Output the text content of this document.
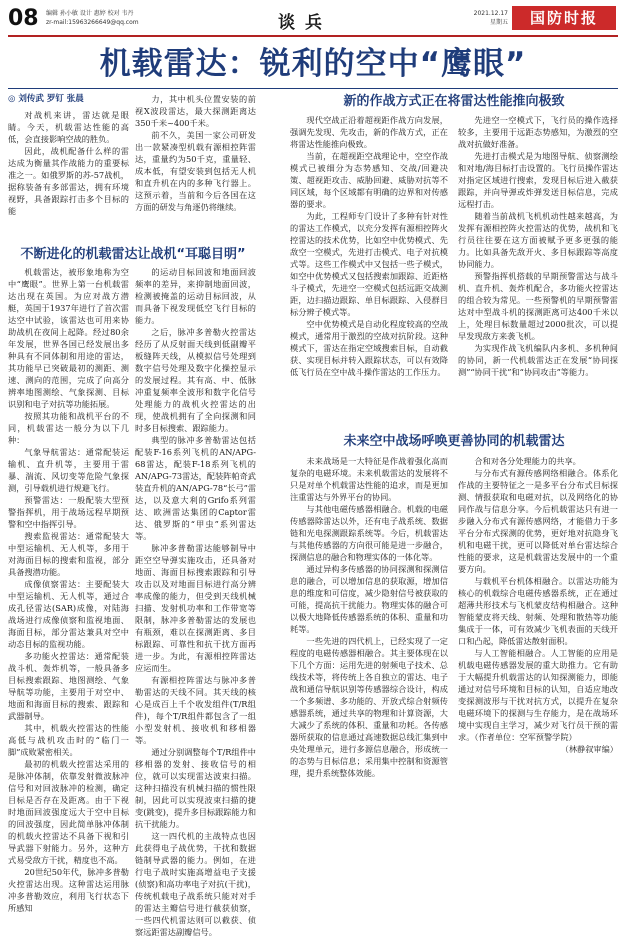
08 编辑 孙小敏 设计 惠婷 校对 韦丹
zr-mail:15963266649@qq.com	谈兵	2021.12.17
星期五	国防时报
机载雷达：锐利的空中“鹰眼”
◎ 刘传武 罗钉 张晨

对战机来讲，雷达就是眼睛。今天，机载雷达性能的高低，会直接影响空战的胜负。

因此，战机配备什么样的雷达成为衡量其作战能力的重要标准之一。如俄罗斯的苏-57战机，据称装备有多部雷达，拥有环境视野，具备跟踪打击多个目标的能

力，其中机头位置安装的前视X波段雷达，最大探测距离达350千米~400千米。

前不久，美国一家公司研发出一款紧凑型机载有源相控阵雷达，重量约为50千克，重量轻、成本低，有望安装到包括无人机和直升机在内的多种飞行器上。这预示着，当前和今后各国在这方面的研发与角逐仍将继续。

不断进化的机载雷达让战机“耳聪目明”

机载雷达，被形象地称为空中“鹰眼”。世界上第一台机载雷达出现在英国。为应对战方潜艇，英国于1937年进行了首次雷达空中试验，该雷达也可用来协助战机在夜间上起降。经过80余年发展，世界各国已经发展出多种具有不同体制和用途的雷达，其功能早已突破最初的测距、测速、测向的范围，完成了向高分辨率地图测绘、气象探测、目标识别和电子对抗等功能拓展。

按照其功能和战机平台的不同，机载雷达一般分为以下几种：

气象导航雷达：通常配装运输机、直升机等，主要用于雷暴、湍流、风切变等危险气象探测，引导载机进行规避飞行。

预警雷达：一般配装大型预警指挥机，用于战场远程早期预警和空中指挥引导。

搜索监视雷达：通常配装大中型运输机、无人机等，多用于对海面目标的搜索和监视，部分具备搜潜功能。

成像侦察雷达：主要配装大中型运输机、无人机等，通过合成孔径雷达(SAR)成像，对陆海战场进行成像侦察和监视地面、海面目标，部分雷达兼具对空中动态目标的监视功能。

多功能火控雷达：通常配装战斗机、轰炸机等，一般具备多目标搜索跟踪、地图测绘、气象导航等功能，主要用于对空中、地面和海面目标的搜索、跟踪和武器制导。

其中，机载火控雷达的性能高低与战机攻击时的“临门一脚”成败紧密相关。

最初的机载火控雷达采用的是脉冲体制，依靠发射微波脉冲信号和对回波脉冲的检测，确定目标是否存在及距离。由于下视时地面回波强度远大于空中目标的回波强度，因此简单脉冲体制的机载火控雷达不具备下视和引导武器下射能力。另外，这种方式易受敌方干扰，精度也不高。

20世纪50年代，脉冲多普勒火控雷达出现。这种雷达运用脉冲多普勒效应，利用飞行状态下所感知

的运动目标回波和地面回波频率的差异，来抑制地面回波，检测被掩盖的运动目标回波，从而具备下视发现低空飞行目标的能力。

之后，脉冲多普勒火控雷达经历了从反射面天线到低副瓣平板缝阵天线，从模拟信号处理到数字信号处理及数字化操控显示的发展过程。其有高、中、低脉冲重复频率全波形和数字化信号处理能力的战机火控雷达的出现，使战机拥有了全向探测和同时多目标搜索、跟踪能力。

典型的脉冲多普勒雷达包括配装F-16系列飞机的AN/APG-68雷达，配装F-18系列飞机的AN/APG-73雷达，配装阵帕奇武装直升机的AN/APG-78“长弓”雷达，以及意大利的Grifo系列雷达、欧洲雷达集团的Captor雷达、俄罗斯的“甲虫”系列雷达等。

脉冲多普勒雷达能够制导中距空空导弹实施攻击，还具备对地面、海面目标搜索跟踪和引导攻击以及对地面目标进行高分辨率成像的能力，但受到天线机械扫描、发射机功率和工作带宽等限制，脉冲多普勒雷达的发展也有瓶颈，难以在探测距离、多目标跟踪、可靠性和抗干扰方面再进一步。为此，有源相控阵雷达应运而生。

有源相控阵雷达与脉冲多普勒雷达的天线不同。其天线的核心是成百上千个收发组件(T/R组件)，每个T/R组件都包含了一组小型发射机、接收机和移相器等。

通过分别调整每个T/R组件中移相器的发射、接收信号的相位，就可以实现雷达波束扫描。这种扫描没有机械扫描的惯性限制，因此可以实现波束扫描的捷变(跳变)，提升多目标跟踪能力和抗干扰能力。

这一四代机的主战特点也因此获得电子战优势，干扰和数据链制导武器的能力。例如，在进行电子战时实施高增益电子支援(侦察)和高功率电子对抗(干扰)，传统机载电子战系统只能对对手的雷达主瓣信号进行截获侦察，一些四代机雷达则可以截获、侦察远距雷达副瓣信号。

新的作战方式正在将雷达性能推向极致

现代空战正沿着超视距作战方向发展，强调先发现、先攻击，新的作战方式，正在将雷达性能推向极致。

当前，在超视距空战理论中，空空作战模式已被细分为态势感知、交战/回避决策、超视距攻击、威胁回避、威胁对抗等不同区域，每个区域都有明确的边界和对传感器的要求。

为此，工程师专门设计了多种有针对性的雷达工作模式，以充分发挥有源相控阵火控雷达的技术优势，比如空中优势模式、先敌空一空模式，先进打击模式、电子对抗模式等。这些工作模式中又包括一些子模式，如空中优势模式又包括搜索加跟踪、近距格斗子模式，先进空一空模式包括远距交战测距，边扫描边跟踪、单目标跟踪、入侵群目标分辨子模式等。

空中优势模式是自动化程度较高的空战模式，通常用于激烈的空战对抗阶段。这种模式下，雷达在指定空域搜索目标，自动截获、实现目标并转入跟踪状态，可以有效降低飞行员在空中战斗操作雷达的工作压力。

先进空一空模式下，飞行员的操作选择较多，主要用于远距态势感知，为激烈的空战对抗做好准备。

先进打击模式是为地图导航、侦察测绘和对地/海目标打击设置的。飞行员操作雷达对指定区域进行搜索，发现目标后进入截获跟踪，并向导弹或炸弹发送目标信息，完成远程打击。

随着当前战机飞机机动性越来越高，为发挥有源相控阵火控雷达的优势，战机和飞行员往往要在这方面被赋予更多更强的能力。比如具备先敌开火、多目标跟踪等高度协同能力。

预警指挥机搭载的早期预警雷达与战斗机、直升机、轰炸机配合，多功能火控雷达的组合较为常见。一些预警机的早期预警雷达对中型战斗机的探测距离可达400千米以上，处理目标数量超过2000批次，可以提早发现敌方来袭飞机。

为实现作战飞机编队内多机、多机种间的协同，新一代机载雷达正在发展“协同探测”“协同干扰”和“协同攻击”等能力。

未来空中战场呼唤更善协同的机载雷达

未来战场是一大特征是作战着强化高而复杂的电磁环境。未来机载雷达的发展将不只是对单个机载雷达性能的追求，而是更加注重雷达与外界平台的协同。

与其他电磁传感器相融合。机载的电磁传感器除雷达以外，还有电子战系统、数据链和光电探测跟踪系统等。今后，机载雷达与其他传感器的方向很可能是进一步融合，探测信息的融合和物理实体的一体化等。

通过异构多传感器的协同探测和探测信息的融合，可以增加信息的获取源，增加信息的维度和可信度，减少隐射信号被获取的可能，提高抗干扰能力。物理实体的融合可以极大地降低传感器系统的体积、重量和功耗等。

一些先进的四代机上，已经实现了一定程度的电磁传感器相融合。其主要体现在以下几个方面：运用先进的射频电子技术、总线技术等，将传统上各自独立的雷达、电子战和通信导航识别等传感器综合设计，构成一个多频谱、多功能的、开放式综合射频传感器系统，通过共享的物理和计算资源，大大减少了系统的体积、重量和功耗。各传感器所获取的信息通过高速数据总线汇集到中央处理单元，进行多源信息融合，形成统一的态势与目标信息；采用集中控制和资源管理，提升系统整体效能。

合和对各分处理能力的共享。

与分布式有源传感网络相融合。体系化作战的主要特征之一是多平台分布式目标探测、情报获取和电磁对抗，以及网络化的协同作战与信息分享。今后机载雷达只有进一步融入分布式有源传感网络，才能借力于多平台分布式探测的优势，更好地对抗隐身飞机和电磁干扰，更可以降低对单台雷达综合性能的要求，这是机载雷达发展中的一个重要方向。

与载机平台机体相融合。以雷达功能为核心的机载综合电磁传感器系统，正在通过超薄共形技术与飞机蒙皮结构相融合。这种智能蒙皮将天线、射频、处理和散热等功能集成于一体，可有效减少飞机表面的天线开口和凸起，降低雷达散射面积。

与人工智能相融合。人工智能的应用是机载电磁传感器发展的重大助推力。它有助于大幅提升机载雷达的认知探测能力，即能通过对信号环境和目标的认知，自适应地改变探测波形与干扰对抗方式，以提升在复杂电磁环境下的探测与生存能力，是在战场环境中实现自主学习，减少对飞行员干预的需求。（作者单位：空军预警学院）

（林静叙审编）
